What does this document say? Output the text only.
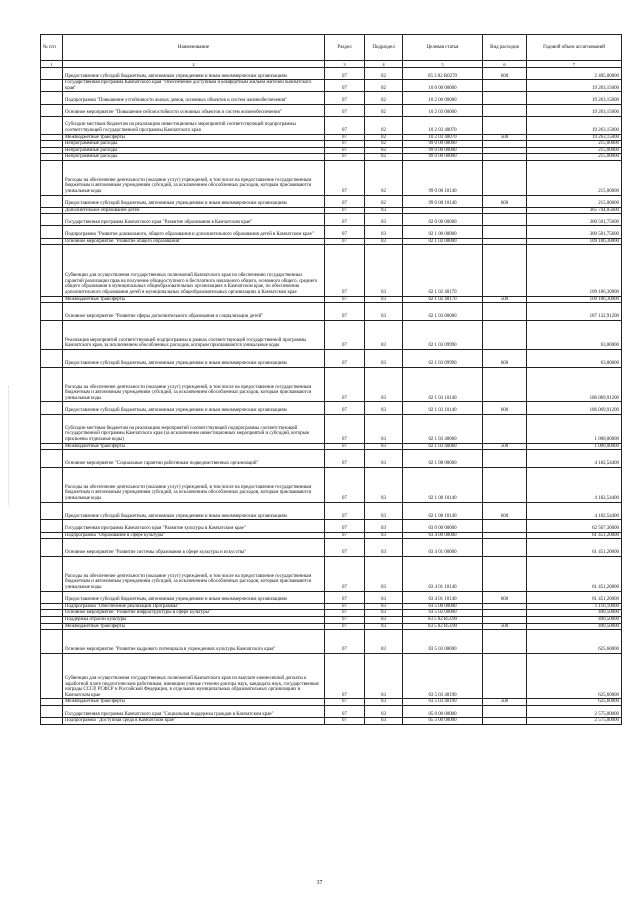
№ п/п	Наименование	Раздел	Подраздел	Целевая статья	Вид расходов	Годовой объем ассигнований
1	2	3	4	5	6	7
	Предоставление субсидий бюджетным, автономным учреждениям и иным некоммерческим организациям	07	02	05 3 02 R0270	600	2 405,00000
	Государственная программа Камчатского края "Обеспечение доступным и комфортным жильем жителей Камчатского края"	07	02	10 0 00 00000		19 263,15000
	Подпрограмма "Повышение устойчивости жилых домов, основных объектов и систем жизнеобеспечения"	07	02	10 2 00 00000		19 263,15000
	Основное мероприятие "Повышение сейсмостойкости основных объектов и систем жизнеобеспечения"	07	02	10 2 03 00000		19 263,15000
	Субсидии местным бюджетам на реализацию инвестиционных мероприятий соответствующей подпрограммы соответствующей государственной программы Камчатского края	07	02	10 2 03 40070		19 263,15000
	Межбюджетные трансферты	07	02	10 2 03 40070	500	19 263,15000
	Непрограммные расходы	07	02	99 0 00 00000		215,00000
	Непрограммные расходы	07	02	99 0 00 00000		215,00000
	Непрограммные расходы	07	02	99 0 00 00000		215,00000
	Расходы на обеспечение деятельности (оказание услуг) учреждений, в том числе на предоставление государственным бюджетным и автономным учреждениям субсидий, за исключением обособленных расходов, которым присваиваются уникальные коды	07	02	99 0 00 10140		215,00000
	Предоставление субсидий бюджетным, автономным учреждениям и иным некоммерческим организациям	07	02	99 0 00 10140	600	215,00000
	Дополнительное образование детей	07	03			365 744,05600
	Государственная программа Камчатского края "Развитие образования в Камчатском крае"	07	03	02 0 00 00000		300 501,75600
	Подпрограмма "Развитие дошкольного, общего образования и дополнительного образования детей в Камчатском крае"	07	03	02 1 00 00000		300 501,75600
	Основное мероприятие "Развитие общего образования"	07	03	02 1 02 00000		109 186,30000
	Субвенции для осуществления государственных полномочий Камчатского края по обеспечению государственных гарантий реализации прав на получение общедоступного и бесплатного начального общего, основного общего, среднего общего образования в муниципальных общеобразовательных организациях в Камчатском крае, по обеспечению дополнительного образования детей в муниципальных общеобразовательных организациях в Камчатском крае	07	03	02 1 02 40170		109 186,30000
	Межбюджетные трансферты	07	03	02 1 02 40170	500	109 186,30000
	Основное мероприятие "Развитие сферы дополнительного образования и социализации детей"	07	03	02 1 03 00000		187 132,91200
	Реализация мероприятий соответствующей подпрограммы в рамках соответствующей государственной программы Камчатского края, за исключением обособленных расходов, которым присваиваются уникальные коды	07	03	02 1 03 09990		63,00000
	Предоставление субсидий бюджетным, автономным учреждениям и иным некоммерческим организациям	07	03	02 1 03 09990	600	63,00000
	Расходы на обеспечение деятельности (оказание услуг) учреждений, в том числе на предоставление государственным бюджетным и автономным учреждениям субсидий, за исключением обособленных расходов, которым присваиваются уникальные коды	07	03	02 1 03 10140		186 069,91200
	Предоставление субсидий бюджетным, автономным учреждениям и иным некоммерческим организациям	07	03	02 1 03 10140	600	186 069,91200
	Субсидии местным бюджетам на реализацию мероприятий соответствующей подпрограммы соответствующей государственной программы Камчатского края (за исключением инвестиционных мероприятий и субсидий, которым присвоены отдельные коды)	07	03	02 1 03 40060		1 000,00000
	Межбюджетные трансферты	07	03	02 1 03 40060	500	1 000,00000
	Основное мероприятие "Социальные гарантии работникам подведомственных организаций"	07	03	02 1 08 00000		4 182,54400
	Расходы на обеспечение деятельности (оказание услуг) учреждений, в том числе на предоставление государственным бюджетным и автономным учреждениям субсидий, за исключением обособленных расходов, которым присваиваются уникальные коды	07	03	02 1 08 10140		4 182,54400
	Предоставление субсидий бюджетным, автономным учреждениям и иным некоммерческим организациям	07	03	02 1 08 10140	600	4 182,54400
	Государственная программа Камчатского края "Развитие культуры в Камчатском крае"	07	03	03 0 00 00000		62 567,30000
	Подпрограмма "Образование в сфере культуры"	07	03	03 4 00 00000		61 451,20000
	Основное мероприятие "Развитие системы образования в сфере культуры и искусства"	07	03	03 4 01 00000		61 451,20000
	Расходы на обеспечение деятельности (оказание услуг) учреждений, в том числе на предоставление государственным бюджетным и автономным учреждениям субсидий, за исключением обособленных расходов, которым присваиваются уникальные коды	07	03	03 4 01 10140		61 451,20000
	Предоставление субсидий бюджетным, автономным учреждениям и иным некоммерческим организациям	07	03	03 4 01 10140	600	61 451,20000
	Подпрограмма "Обеспечение реализации Программы"	07	03	03 5 00 00000		1 116,10000
	Основное мероприятие "Развитие инфраструктуры в сфере культуры"	07	03	03 5 02 00000		490,50000
	Поддержка отрасли культуры	07	03	03 5 02 R5190		490,50000
	Межбюджетные трансферты	07	03	03 5 02 R5190	500	490,50000
	Основное мероприятие "Развитие кадрового потенциала в учреждениях культуры Камчатского края"	07	03	03 5 03 00000		625,60000
	Субвенции для осуществления государственных полномочий Камчатского края по выплате ежемесячной доплаты к заработной плате педагогическим работникам, имеющим ученые степени доктора наук, кандидата наук, государственные награды СССР, РСФСР и Российской Федерации, в отдельных муниципальных образовательных организациях в Камчатском крае	07	03	03 5 03 40190		625,60000
	Межбюджетные трансферты	07	03	03 5 03 40190	500	625,60000
	Государственная программа Камчатского края "Социальная поддержка граждан в Камчатском крае"	07	03	05 0 00 00000		2 575,00000
	Подпрограмма "Доступная среда в Камчатском крае"	07	03	05 3 00 00000		2 575,00000
37
